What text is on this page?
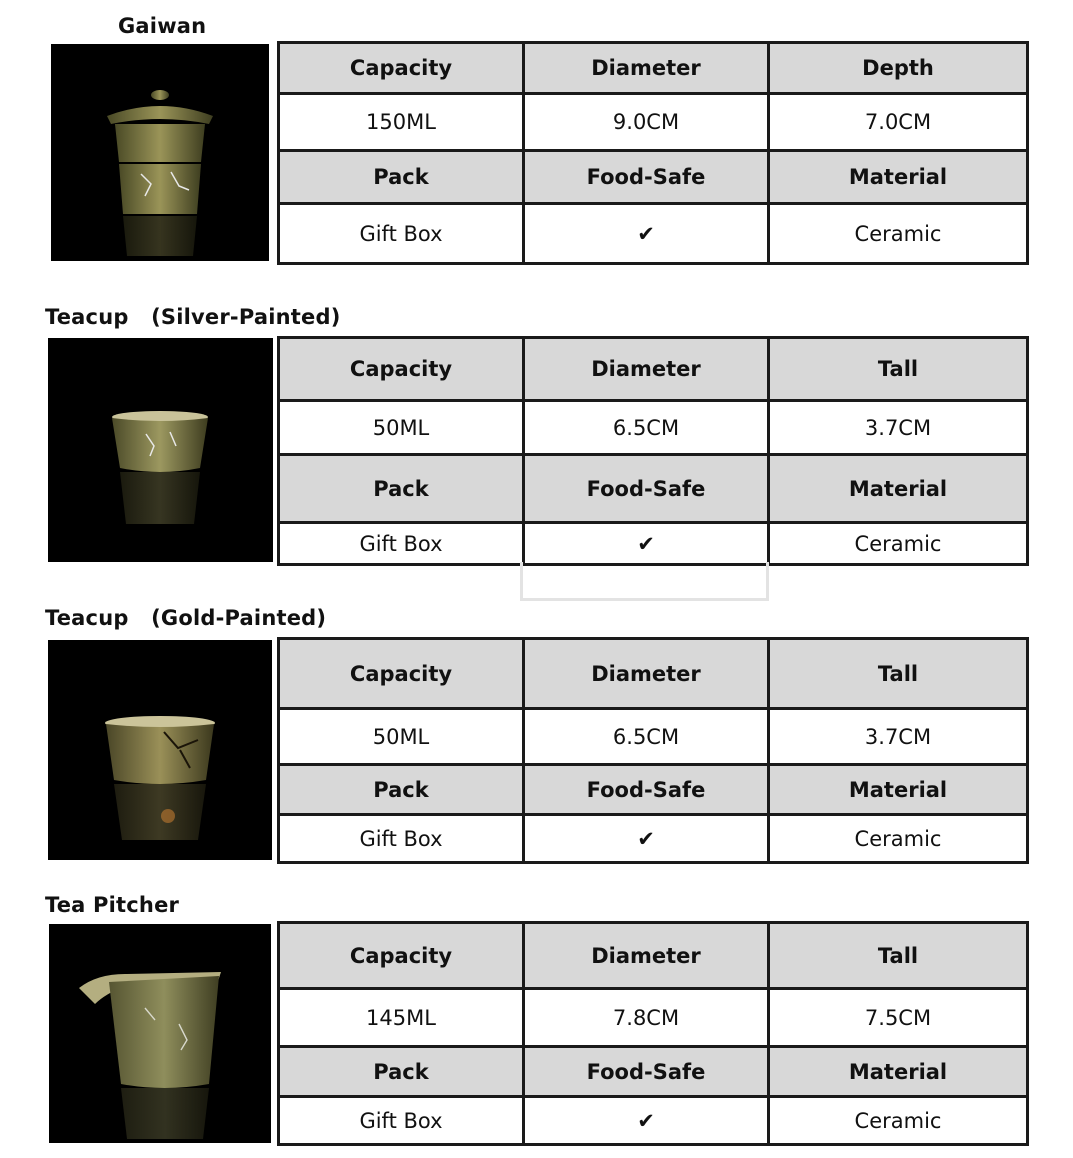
Gaiwan
Capacity	Diameter	Depth
150ML	9.0CM	7.0CM
Pack	Food-Safe	Material
Gift Box	✔	Ceramic
Teacup   (Silver-Painted)
Capacity	Diameter	Tall
50ML	6.5CM	3.7CM
Pack	Food-Safe	Material
Gift Box	✔	Ceramic
Teacup   (Gold-Painted)
Capacity	Diameter	Tall
50ML	6.5CM	3.7CM
Pack	Food-Safe	Material
Gift Box	✔	Ceramic
Tea Pitcher
Capacity	Diameter	Tall
145ML	7.8CM	7.5CM
Pack	Food-Safe	Material
Gift Box	✔	Ceramic
